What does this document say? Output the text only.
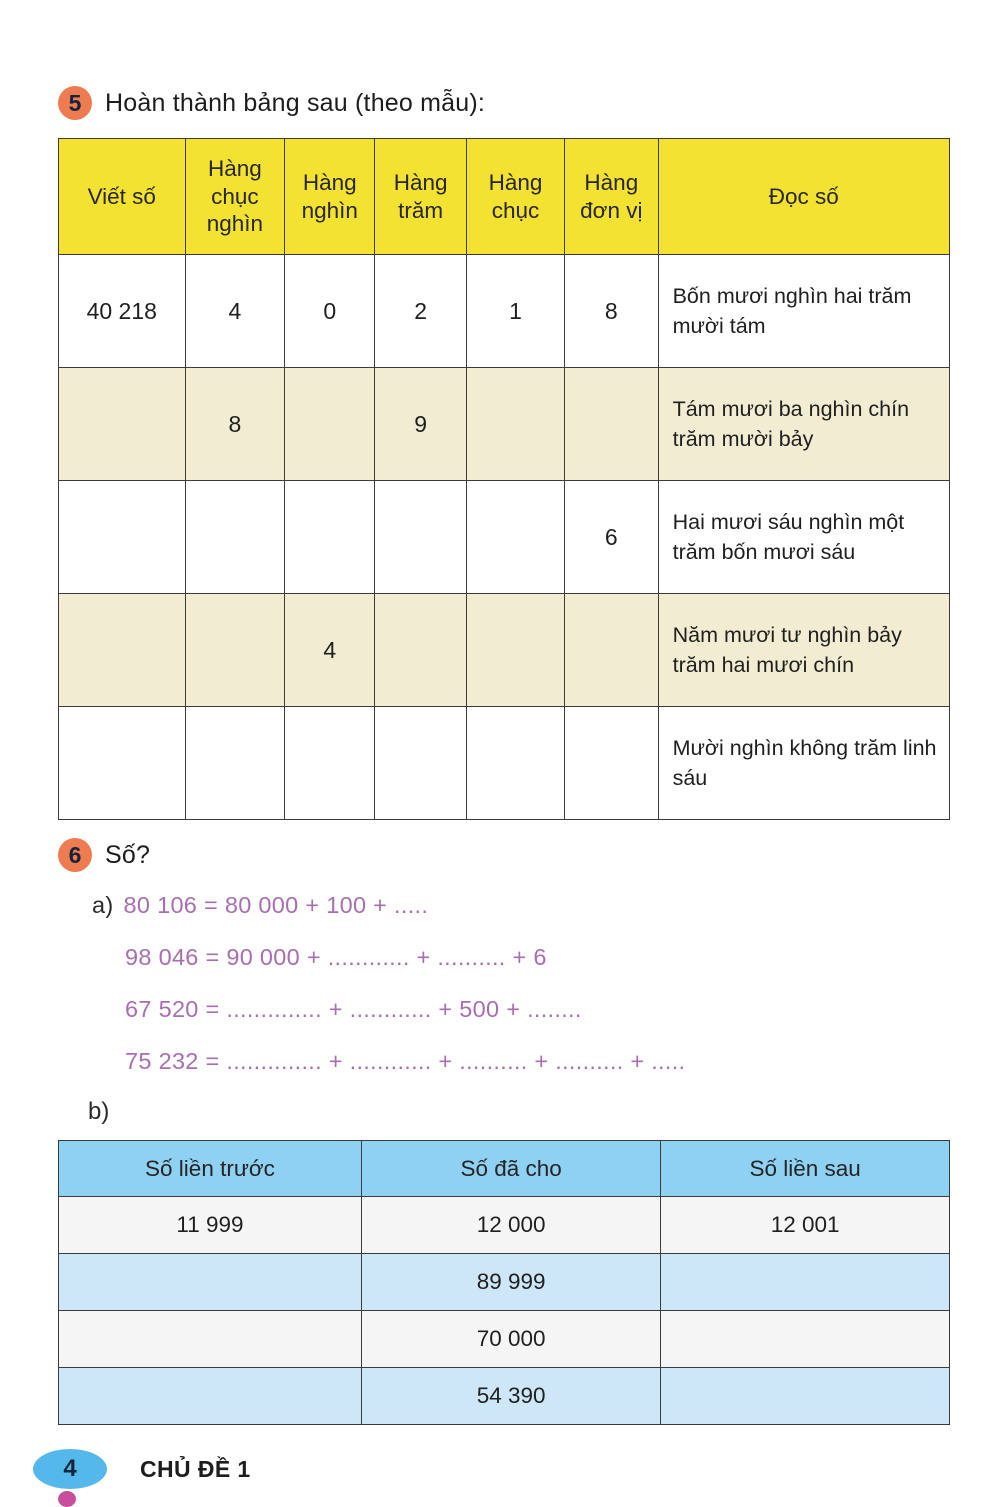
5 Hoàn thành bảng sau (theo mẫu):
Viết số	Hàng chục nghìn	Hàng nghìn	Hàng trăm	Hàng chục	Hàng đơn vị	Đọc số
40 218	4	0	2	1	8	Bốn mươi nghìn hai trăm mười tám
	8		9			Tám mươi ba nghìn chín trăm mười bảy
					6	Hai mươi sáu nghìn một trăm bốn mươi sáu
		4				Năm mươi tư nghìn bảy trăm hai mươi chín
						Mười nghìn không trăm linh sáu
6 Số?
a) 80 106 = 80 000 + 100 + .....
98 046 = 90 000 + ............ + .......... + 6
67 520 = .............. + ............ + 500 + ........
75 232 = .............. + ............ + .......... + .......... + .....
b)
Số liền trước	Số đã cho	Số liền sau
11 999	12 000	12 001
	89 999	
	70 000	
	54 390	
4	CHỦ ĐỀ 1
